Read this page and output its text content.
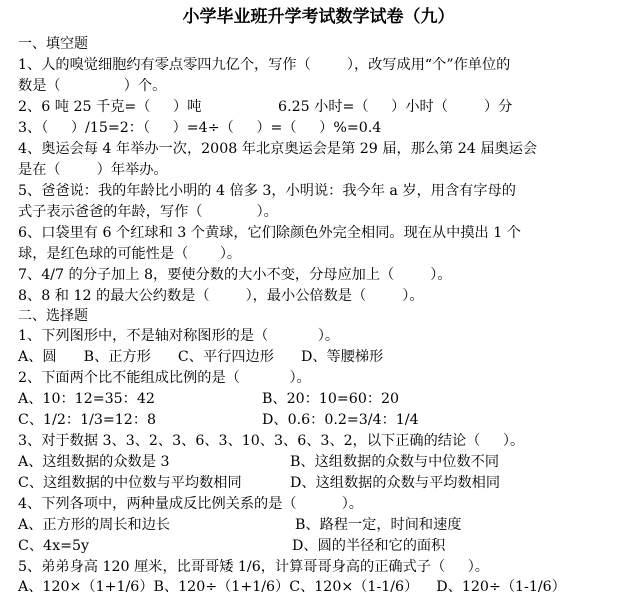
小学毕业班升学考试数学试卷（九）
一、填空题
1、人的嗅觉细胞约有零点零四九亿个，写作（        ），改写成用“个”作单位的
数是（              ）个。
2、6 吨 25 千克=（     ）吨                 6.25 小时=（     ）小时（        ）分
3、（     ）/15=2：（     ）=4÷（     ）=（     ）%=0.4
4、奥运会每 4 年举办一次，2008 年北京奥运会是第 29 届，那么第 24 届奥运会
是在（        ）年举办。
5、爸爸说：我的年龄比小明的 4 倍多 3，小明说：我今年 a 岁，用含有字母的
式子表示爸爸的年龄，写作（            ）。
6、口袋里有 6 个红球和 3 个黄球，它们除颜色外完全相同。现在从中摸出 1 个
球，是红色球的可能性是（       ）。
7、4/7 的分子加上 8，要使分数的大小不变，分母应加上（        ）。
8、8 和 12 的最大公约数是（        ），最小公倍数是（        ）。
二、选择题
1、下列图形中，不是轴对称图形的是（           ）。
A、圆      B、正方形      C、平行四边形      D、等腰梯形
2、下面两个比不能组成比例的是（           ）。
A、10：12=35：42	B、20：10=60：20
C、1/2：1/3=12：8	D、0.6：0.2=3/4：1/4
3、对于数据 3、3、2、3、6、3、10、3、6、3、2，以下正确的结论（     ）。
A、这组数据的众数是 3	B、这组数据的众数与中位数不同
C、这组数据的中位数与平均数相同	D、这组数据的众数与平均数相同
4、下列各项中，两种量成反比例关系的是（          ）。
A、正方形的周长和边长	B、路程一定，时间和速度
C、4x=5y	D、圆的半径和它的面积
5、弟弟身高 120 厘米，比哥哥矮 1/6，计算哥哥身高的正确式子（     ）。
A、120×（1+1/6）B、120÷（1+1/6）C、120×（1-1/6）    D、120÷（1-1/6）
